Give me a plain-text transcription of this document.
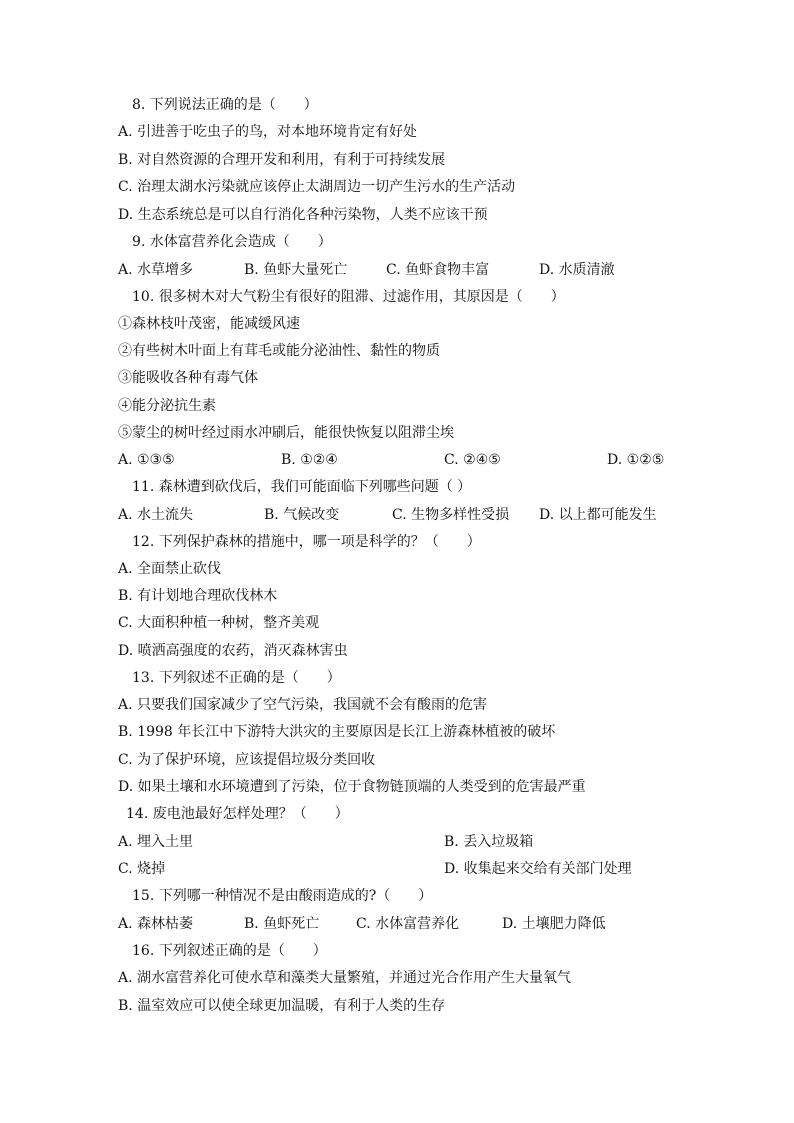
8. 下列说法正确的是（　　）
A. 引进善于吃虫子的鸟，对本地环境肯定有好处
B. 对自然资源的合理开发和利用，有利于可持续发展
C. 治理太湖水污染就应该停止太湖周边一切产生污水的生产活动
D. 生态系统总是可以自行消化各种污染物，人类不应该干预
9. 水体富营养化会造成（　　）
A. 水草增多	B. 鱼虾大量死亡	C. 鱼虾食物丰富	D. 水质清澈
10. 很多树木对大气粉尘有很好的阻滞、过滤作用，其原因是（　　）
①森林枝叶茂密，能减缓风速
②有些树木叶面上有茸毛或能分泌油性、黏性的物质
③能吸收各种有毒气体
④能分泌抗生素
⑤蒙尘的树叶经过雨水冲刷后，能很快恢复以阻滞尘埃
A. ①③⑤	B. ①②④	C. ②④⑤	D. ①②⑤
11. 森林遭到砍伐后，我们可能面临下列哪些问题（ ）
A. 水土流失	B. 气候改变	C. 生物多样性受损 D. 以上都可能发生
12. 下列保护森林的措施中，哪一项是科学的？（　　）
A. 全面禁止砍伐
B. 有计划地合理砍伐林木
C. 大面积种植一种树，整齐美观
D. 喷洒高强度的农药，消灭森林害虫
13. 下列叙述不正确的是（　　）
A. 只要我们国家减少了空气污染，我国就不会有酸雨的危害
B. 1998 年长江中下游特大洪灾的主要原因是长江上游森林植被的破坏
C. 为了保护环境，应该提倡垃圾分类回收
D. 如果土壤和水环境遭到了污染，位于食物链顶端的人类受到的危害最严重
14. 废电池最好怎样处理？（　　）
A. 埋入土里	B. 丢入垃圾箱
C. 烧掉	D. 收集起来交给有关部门处理
15. 下列哪一种情况不是由酸雨造成的?（　　）
A. 森林枯萎	B. 鱼虾死亡	C. 水体富营养化	D. 土壤肥力降低
16. 下列叙述正确的是（　　）
A. 湖水富营养化可使水草和藻类大量繁殖，并通过光合作用产生大量氧气
B. 温室效应可以使全球更加温暖，有利于人类的生存
